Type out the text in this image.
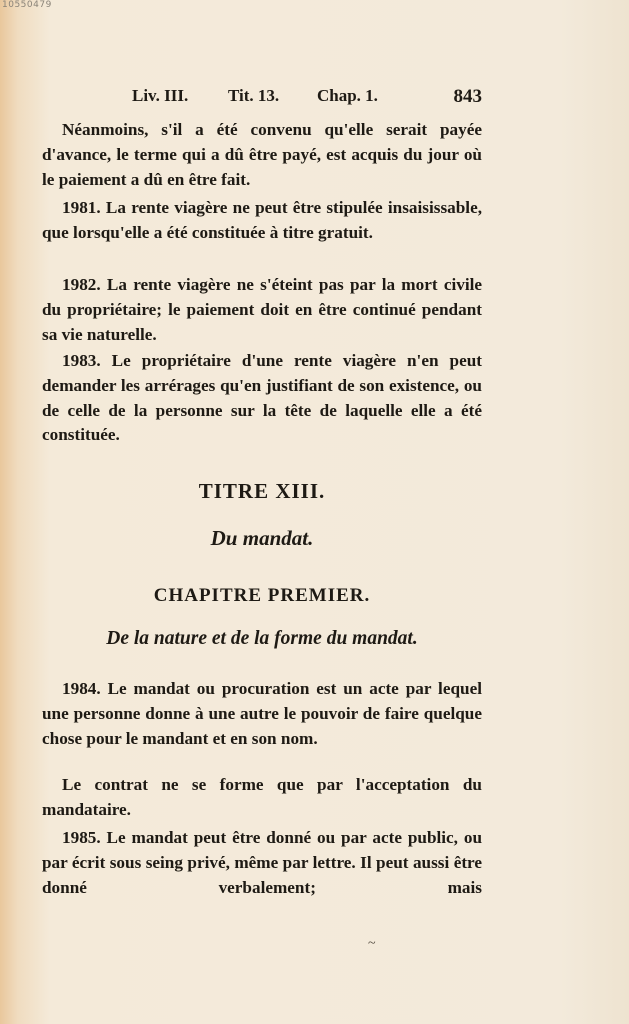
10550479
Liv. III. Tit. 13. Chap. 1.	843

Néanmoins, s'il a été convenu qu'elle serait payée d'avance, le terme qui a dû être payé, est acquis du jour où le paiement a dû en être fait.

1981. La rente viagère ne peut être stipulée insaisissable, que lorsqu'elle a été constituée à titre gratuit.

1982. La rente viagère ne s'éteint pas par la mort civile du propriétaire; le paiement doit en être continué pendant sa vie naturelle.

1983. Le propriétaire d'une rente viagère n'en peut demander les arrérages qu'en justifiant de son existence, ou de celle de la personne sur la tête de laquelle elle a été constituée.

TITRE XIII.

Du mandat.

CHAPITRE PREMIER.

De la nature et de la forme du mandat.

1984. Le mandat ou procuration est un acte par lequel une personne donne à une autre le pouvoir de faire quelque chose pour le mandant et en son nom.

Le contrat ne se forme que par l'acceptation du mandataire.

1985. Le mandat peut être donné ou par acte public, ou par écrit sous seing privé, même par lettre. Il peut aussi être donné verbalement; mais

~
